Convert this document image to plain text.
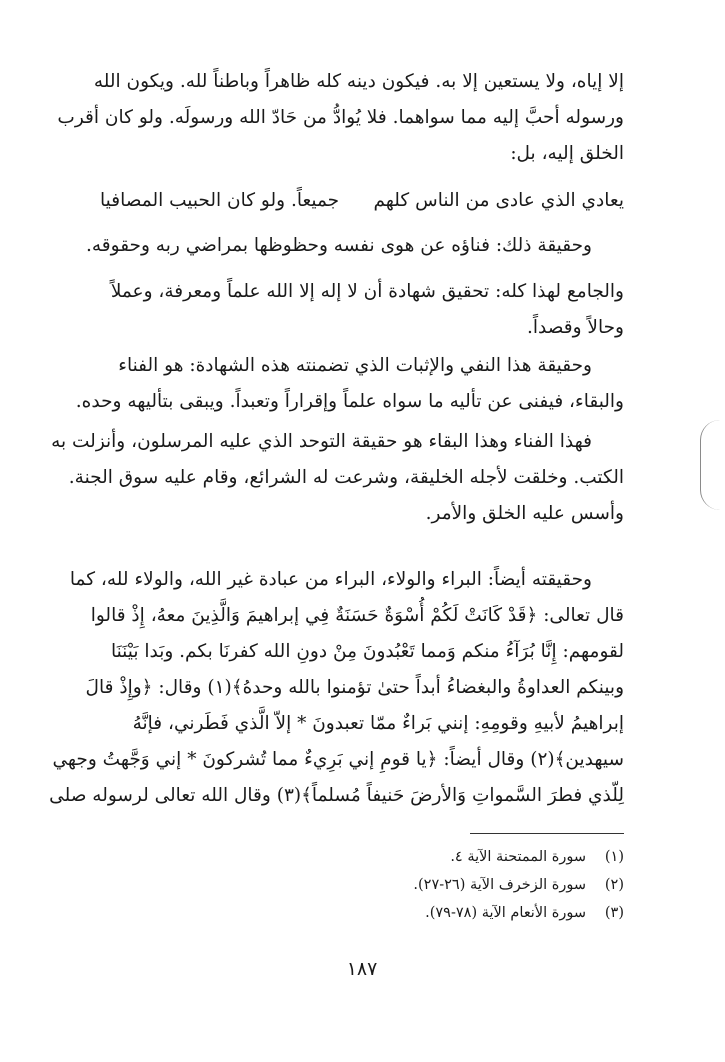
إلا إياه، ولا يستعين إلا به. فيكون دينه كله ظاهراً وباطناً لله. ويكون الله
ورسوله أحبَّ إليه مما سواهما. فلا يُوادُّ من حَادّ الله ورسولَه. ولو كان أقرب
الخلق إليه، بل:
يعادي الذي عادى من الناس كلهم
جميعاً. ولو كان الحبيب المصافيا
وحقيقة ذلك: فناؤه عن هوى نفسه وحظوظها بمراضي ربه وحقوقه.
والجامع لهذا كله: تحقيق شهادة أن لا إله إلا الله علماً ومعرفة، وعملاً
وحالاً وقصداً.
وحقيقة هذا النفي والإثبات الذي تضمنته هذه الشهادة: هو الفناء
والبقاء، فيفنى عن تأليه ما سواه علماً وإقراراً وتعبداً. ويبقى بتأليهه وحده.
فهذا الفناء وهذا البقاء هو حقيقة التوحد الذي عليه المرسلون، وأنزلت به
الكتب. وخلقت لأجله الخليقة، وشرعت له الشرائع، وقام عليه سوق الجنة.
وأسس عليه الخلق والأمر.
وحقيقته أيضاً: البراء والولاء، البراء من عبادة غير الله، والولاء لله، كما
قال تعالى: ﴿قَدْ كَانَتْ لَكُمْ أُسْوَةٌ حَسَنَةٌ فِي إبراهيمَ وَالَّذِينَ معهُ، إِذْ قالوا
لقومهم: إِنَّا بُرَآءُ منكم وَمما تَعْبُدونَ مِنْ دونِ الله كفرنَا بكم. وبَدا بَيْنَنَا
وبينكم العداوةُ والبغضاءُ أبداً حتىٰ تؤمنوا بالله وحدهُ﴾(١) وقال: ﴿وإِذْ قالَ
إبراهيمُ لأبيهِ وقومِهِ: إنني بَراءٌ ممّا تعبدونَ * إلاّ الَّذي فَطَرني، فإنَّهُ
سيهدين﴾(٢) وقال أيضاً: ﴿يا قومِ إني بَرِيءٌ مما تُشركونَ * إني وَجَّهتُ وجهي
لِلّذي فطرَ السَّمواتِ وَالأرضَ حَنيفاً مُسلماً﴾(٣) وقال الله تعالى لرسوله صلى
(١)سورة الممتحنة الآية ٤.
(٢)سورة الزخرف الآية (٢٦-٢٧).
(٣)سورة الأنعام الآية (٧٨-٧٩).
١٨٧
